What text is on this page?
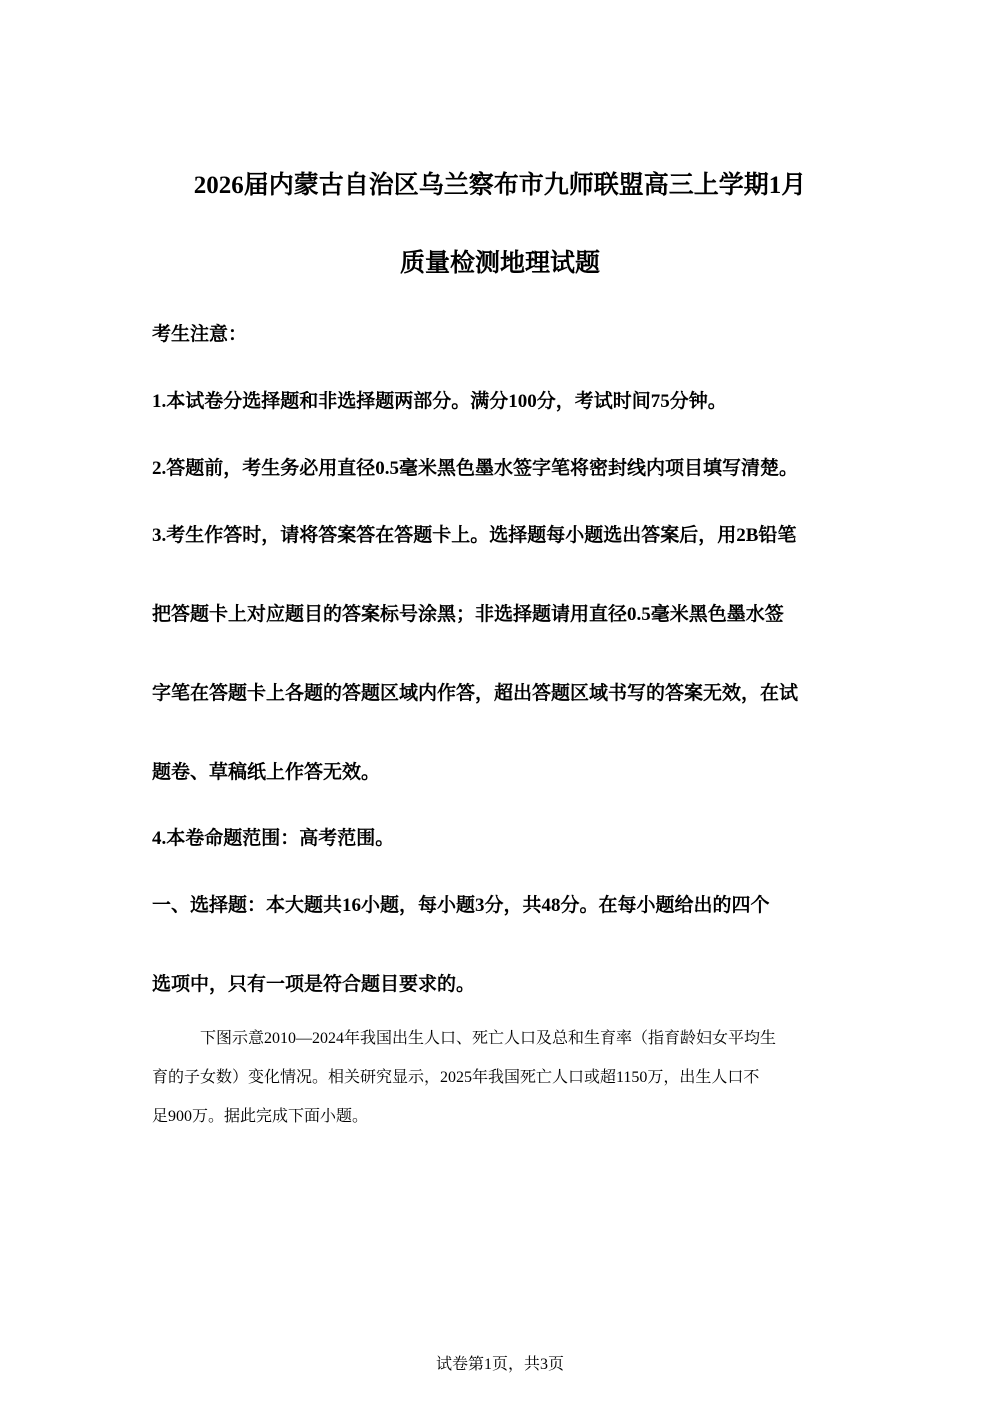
2026届内蒙古自治区乌兰察布市九师联盟高三上学期1月
质量检测地理试题
考生注意：
1.本试卷分选择题和非选择题两部分。满分100分，考试时间75分钟。
2.答题前，考生务必用直径0.5毫米黑色墨水签字笔将密封线内项目填写清楚。
3.考生作答时，请将答案答在答题卡上。选择题每小题选出答案后，用2B铅笔
把答题卡上对应题目的答案标号涂黑；非选择题请用直径0.5毫米黑色墨水签
字笔在答题卡上各题的答题区域内作答，超出答题区域书写的答案无效，在试
题卷、草稿纸上作答无效。
4.本卷命题范围：高考范围。
一、选择题：本大题共16小题，每小题3分，共48分。在每小题给出的四个
选项中，只有一项是符合题目要求的。
下图示意2010—2024年我国出生人口、死亡人口及总和生育率（指育龄妇女平均生
育的子女数）变化情况。相关研究显示，2025年我国死亡人口或超1150万，出生人口不
足900万。据此完成下面小题。
试卷第1页，共3页
